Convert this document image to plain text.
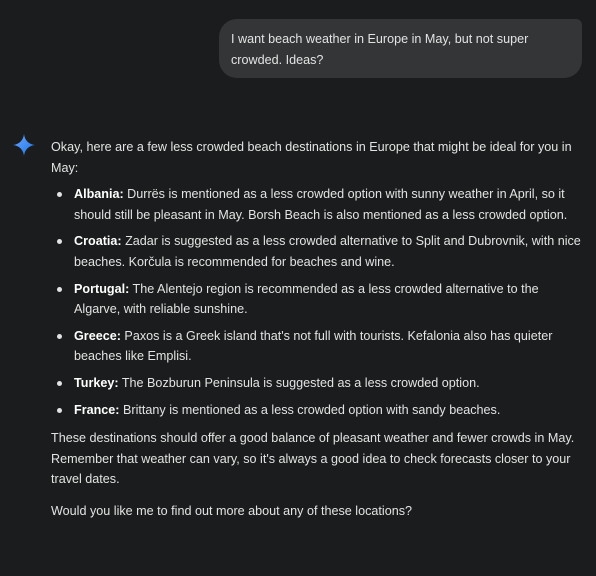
I want beach weather in Europe in May, but not super crowded. Ideas?

Okay, here are a few less crowded beach destinations in Europe that might be ideal for you in May:

Albania: Durrës is mentioned as a less crowded option with sunny weather in April, so it should still be pleasant in May. Borsh Beach is also mentioned as a less crowded option.
Croatia: Zadar is suggested as a less crowded alternative to Split and Dubrovnik, with nice beaches. Korčula is recommended for beaches and wine.
Portugal: The Alentejo region is recommended as a less crowded alternative to the Algarve, with reliable sunshine.
Greece: Paxos is a Greek island that's not full with tourists. Kefalonia also has quieter beaches like Emplisi.
Turkey: The Bozburun Peninsula is suggested as a less crowded option.
France: Brittany is mentioned as a less crowded option with sandy beaches.

These destinations should offer a good balance of pleasant weather and fewer crowds in May. Remember that weather can vary, so it's always a good idea to check forecasts closer to your travel dates.

Would you like me to find out more about any of these locations?
